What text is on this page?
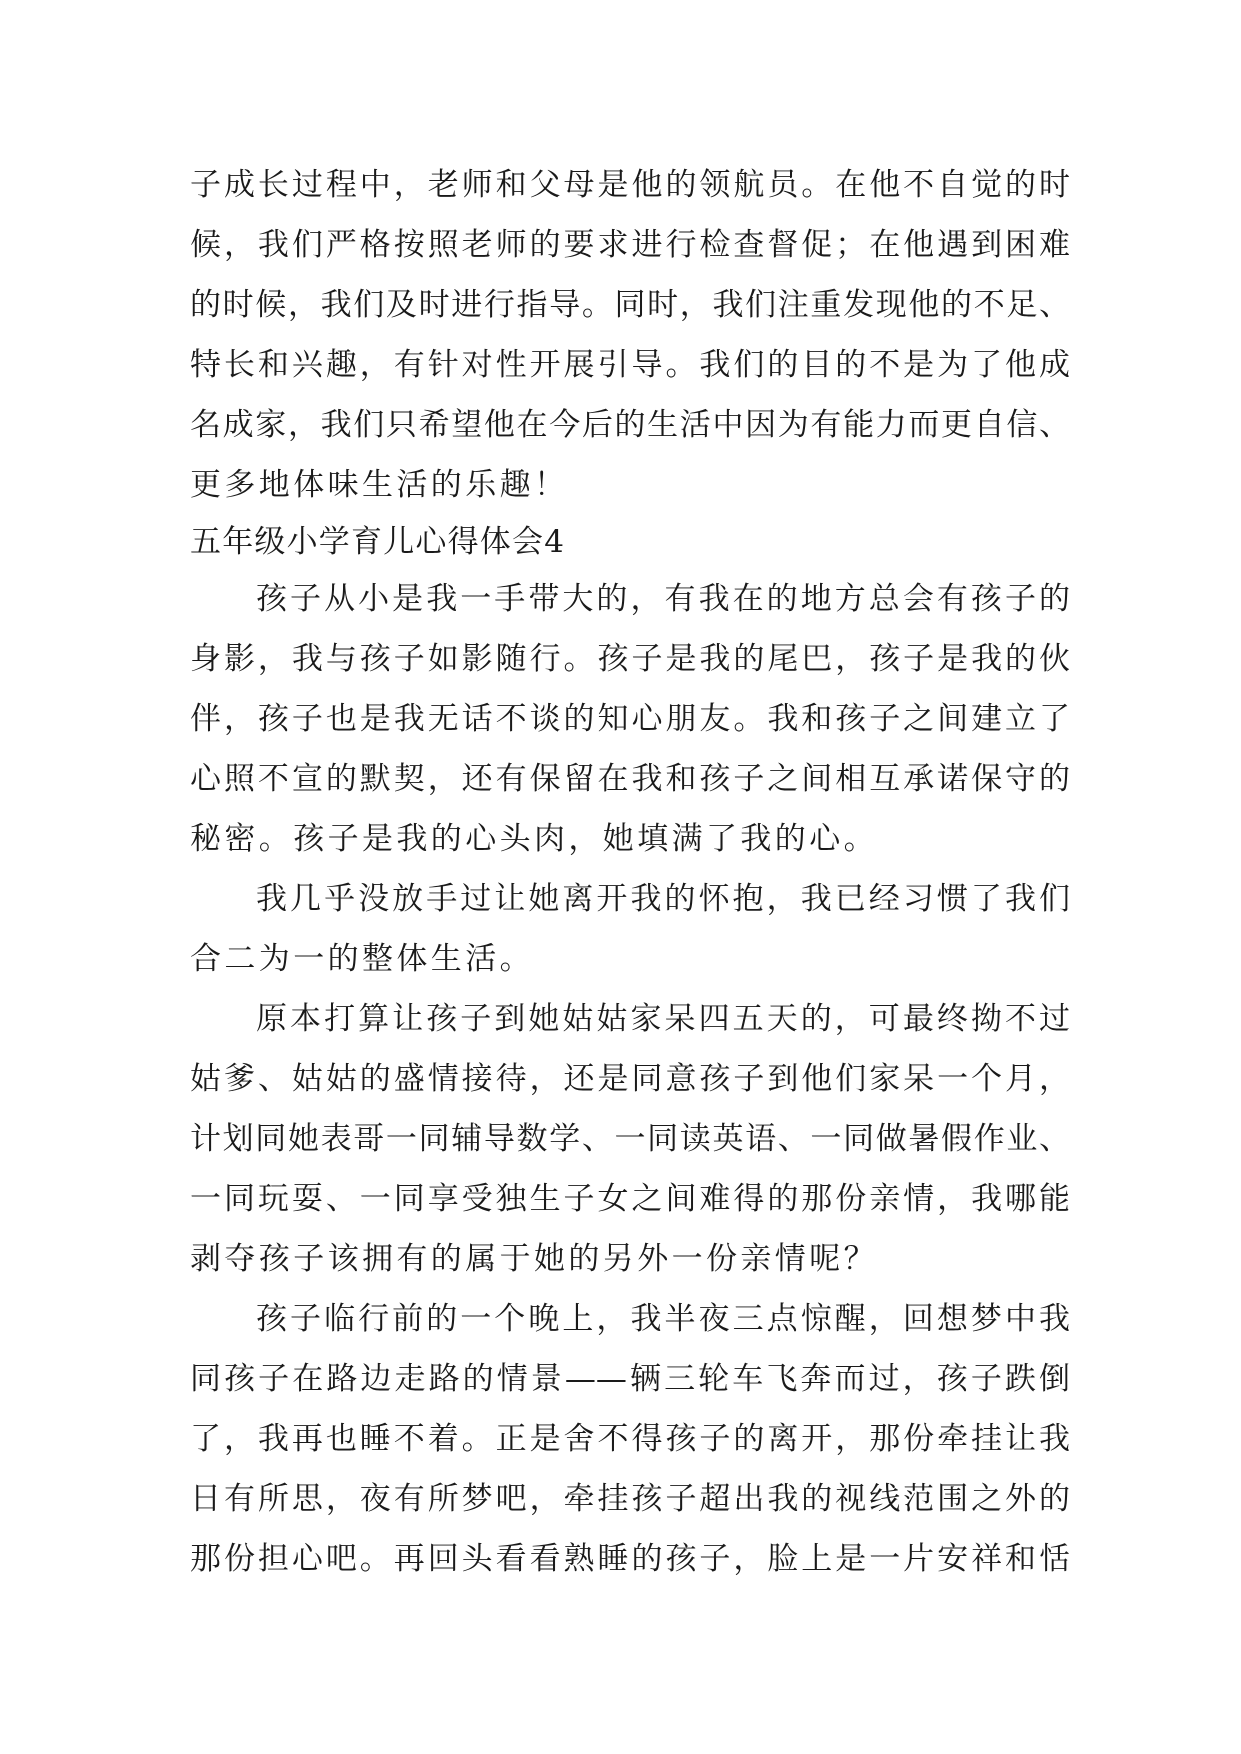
子成长过程中，老师和父母是他的领航员。在他不自觉的时
候，我们严格按照老师的要求进行检查督促；在他遇到困难
的时候，我们及时进行指导。同时，我们注重发现他的不足、
特长和兴趣，有针对性开展引导。我们的目的不是为了他成
名成家，我们只希望他在今后的生活中因为有能力而更自信、
更多地体味生活的乐趣！
五年级小学育儿心得体会4
孩子从小是我一手带大的，有我在的地方总会有孩子的
身影，我与孩子如影随行。孩子是我的尾巴，孩子是我的伙
伴，孩子也是我无话不谈的知心朋友。我和孩子之间建立了
心照不宣的默契，还有保留在我和孩子之间相互承诺保守的
秘密。孩子是我的心头肉，她填满了我的心。
我几乎没放手过让她离开我的怀抱，我已经习惯了我们
合二为一的整体生活。
原本打算让孩子到她姑姑家呆四五天的，可最终拗不过
姑爹、姑姑的盛情接待，还是同意孩子到他们家呆一个月，
计划同她表哥一同辅导数学、一同读英语、一同做暑假作业、
一同玩耍、一同享受独生子女之间难得的那份亲情，我哪能
剥夺孩子该拥有的属于她的另外一份亲情呢？
孩子临行前的一个晚上，我半夜三点惊醒，回想梦中我
同孩子在路边走路的情景——辆三轮车飞奔而过，孩子跌倒
了，我再也睡不着。正是舍不得孩子的离开，那份牵挂让我
日有所思，夜有所梦吧，牵挂孩子超出我的视线范围之外的
那份担心吧。再回头看看熟睡的孩子，脸上是一片安祥和恬
